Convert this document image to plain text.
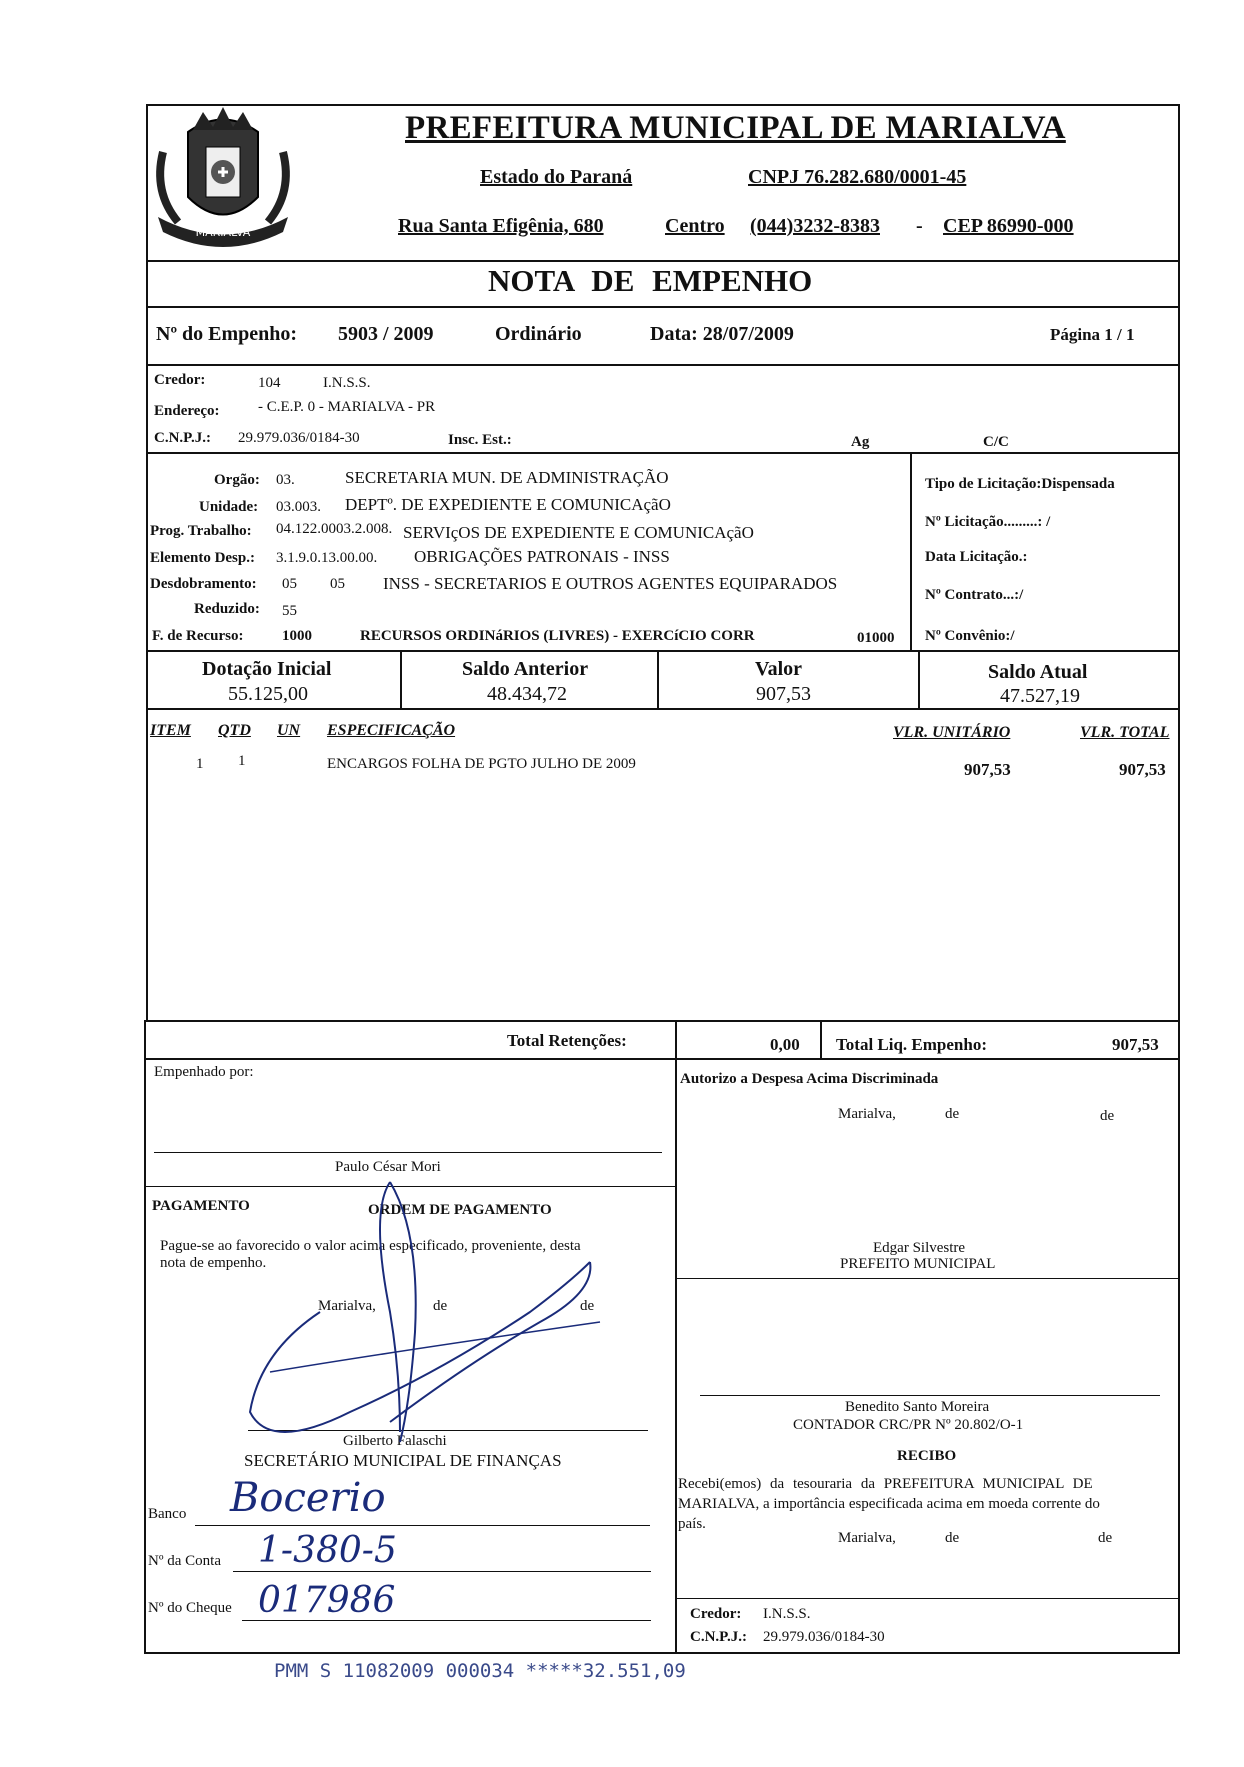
MARIALVA
PREFEITURA MUNICIPAL DE MARIALVA
Estado do Paraná	CNPJ 76.282.680/0001-45
Rua Santa Efigênia, 680	Centro (044)3232-8383 - CEP 86990-000
NOTA DE EMPENHO
Nº do Empenho: 5903 / 2009	Ordinário	Data: 28/07/2009	Página 1 / 1
Credor:	104	I.N.S.S.
Endereço:	- C.E.P. 0 - MARIALVA - PR
C.N.P.J.: 29.979.036/0184-30	Insc. Est.:	Ag	C/C
Orgão: 03.	SECRETARIA MUN. DE ADMINISTRAÇÃO
Unidade: 03.003. DEPTº. DE EXPEDIENTE E COMUNICAçãO
Prog. Trabalho: 04.122.0003.2.008. SERVIçOS DE EXPEDIENTE E COMUNICAçãO
Elemento Desp.: 3.1.9.0.13.00.00. OBRIGAÇÕES PATRONAIS - INSS
Desdobramento: 05 05 INSS - SECRETARIOS E OUTROS AGENTES EQUIPARADOS
Reduzido: 55
F. de Recurso:	1000	RECURSOS ORDINáRIOS (LIVRES) - EXERCíCIO CORR	01000
Tipo de Licitação:Dispensada
Nº Licitação.........: /
Data Licitação.:
Nº Contrato...:/
Nº Convênio:/
Dotação Inicial
55.125,00
Saldo Anterior
48.434,72
Valor
907,53
Saldo Atual
47.527,19
ITEM QTD UN ESPECIFICAÇÃO	VLR. UNITÁRIO	VLR. TOTAL
1 1	ENCARGOS FOLHA DE PGTO JULHO DE 2009	907,53	907,53
Total Retenções:	0,00 Total Liq. Empenho:	907,53
Empenhado por:
Paulo César Mori
Autorizo a Despesa Acima Discriminada
Marialva,	de	de
PAGAMENTO	ORDEM DE PAGAMENTO
Pague-se ao favorecido o valor acima especificado, proveniente, desta
nota de empenho.
Marialva,	de	de
Gilberto Falaschi
SECRETÁRIO MUNICIPAL DE FINANÇAS
Banco Bocerio
Nº da Conta 1-380-5
Nº do Cheque 017986
Edgar Silvestre
PREFEITO MUNICIPAL
Benedito Santo Moreira
CONTADOR CRC/PR Nº 20.802/O-1
RECIBO
Recebi(emos) da tesouraria da PREFEITURA MUNICIPAL DE
MARIALVA, a importância especificada acima em moeda corrente do
país.
Marialva,	de	de
Credor: I.N.S.S.
C.N.P.J.: 29.979.036/0184-30
PMM S 11082009 000034 *****32.551,09
